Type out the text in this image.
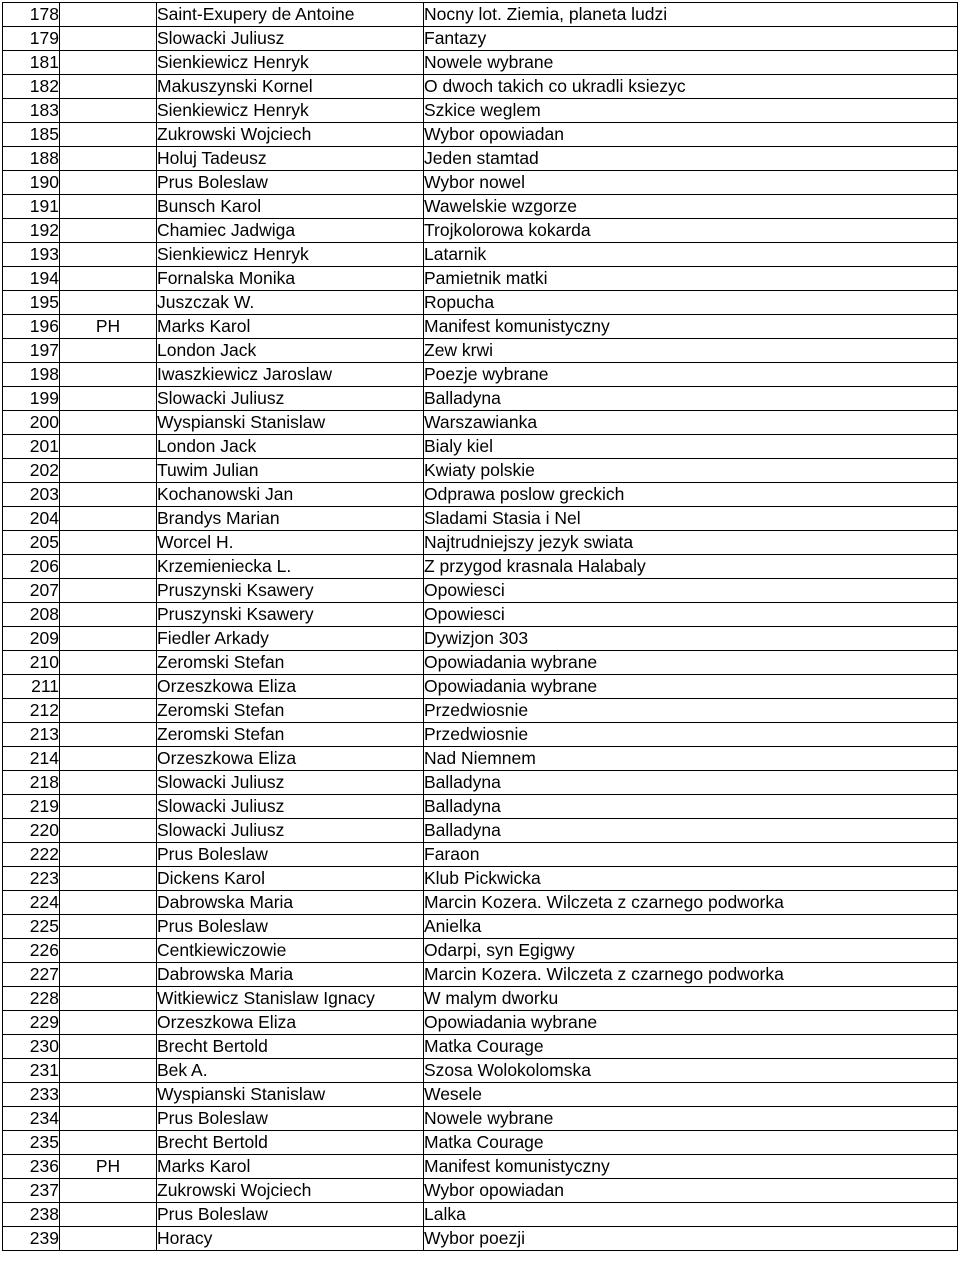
178		Saint-Exupery de Antoine	Nocny lot. Ziemia, planeta ludzi
179		Slowacki Juliusz	Fantazy
181		Sienkiewicz Henryk	Nowele wybrane
182		Makuszynski Kornel	O dwoch takich co ukradli ksiezyc
183		Sienkiewicz Henryk	Szkice weglem
185		Zukrowski Wojciech	Wybor opowiadan
188		Holuj Tadeusz	Jeden stamtad
190		Prus Boleslaw	Wybor nowel
191		Bunsch Karol	Wawelskie wzgorze
192		Chamiec Jadwiga	Trojkolorowa kokarda
193		Sienkiewicz Henryk	Latarnik
194		Fornalska Monika	Pamietnik matki
195		Juszczak W.	Ropucha
196	PH	Marks Karol	Manifest komunistyczny
197		London Jack	Zew krwi
198		Iwaszkiewicz Jaroslaw	Poezje wybrane
199		Slowacki Juliusz	Balladyna
200		Wyspianski Stanislaw	Warszawianka
201		London Jack	Bialy kiel
202		Tuwim Julian	Kwiaty polskie
203		Kochanowski Jan	Odprawa poslow greckich
204		Brandys Marian	Sladami Stasia i Nel
205		Worcel H.	Najtrudniejszy jezyk swiata
206		Krzemieniecka L.	Z przygod krasnala Halabaly
207		Pruszynski Ksawery	Opowiesci
208		Pruszynski Ksawery	Opowiesci
209		Fiedler Arkady	Dywizjon 303
210		Zeromski Stefan	Opowiadania wybrane
211		Orzeszkowa Eliza	Opowiadania wybrane
212		Zeromski Stefan	Przedwiosnie
213		Zeromski Stefan	Przedwiosnie
214		Orzeszkowa Eliza	Nad Niemnem
218		Slowacki Juliusz	Balladyna
219		Slowacki Juliusz	Balladyna
220		Slowacki Juliusz	Balladyna
222		Prus Boleslaw	Faraon
223		Dickens Karol	Klub Pickwicka
224		Dabrowska Maria	Marcin Kozera. Wilczeta z czarnego podworka
225		Prus Boleslaw	Anielka
226		Centkiewiczowie	Odarpi, syn Egigwy
227		Dabrowska Maria	Marcin Kozera. Wilczeta z czarnego podworka
228		Witkiewicz Stanislaw Ignacy	W malym dworku
229		Orzeszkowa Eliza	Opowiadania wybrane
230		Brecht Bertold	Matka Courage
231		Bek A.	Szosa Wolokolomska
233		Wyspianski Stanislaw	Wesele
234		Prus Boleslaw	Nowele wybrane
235		Brecht Bertold	Matka Courage
236	PH	Marks Karol	Manifest komunistyczny
237		Zukrowski Wojciech	Wybor opowiadan
238		Prus Boleslaw	Lalka
239		Horacy	Wybor poezji
